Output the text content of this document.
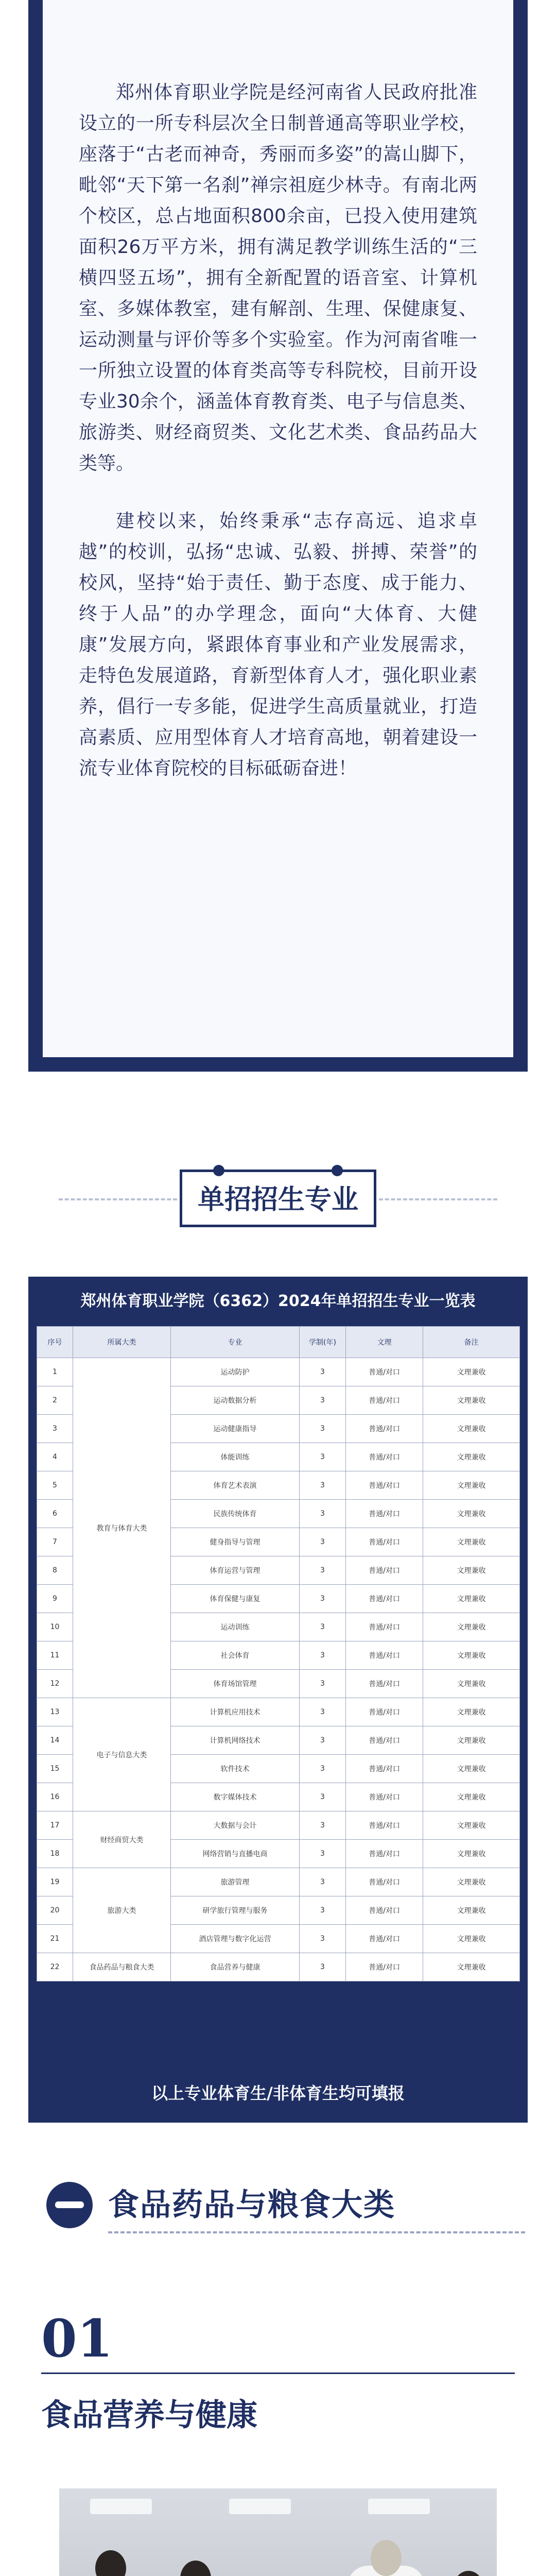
郑州体育职业学院是经河南省人民政府批准设立的一所专科层次全日制普通高等职业学校，座落于“古老而神奇，秀丽而多姿”的嵩山脚下，毗邻“天下第一名刹”禅宗祖庭少林寺。有南北两个校区，总占地面积800余亩，已投入使用建筑面积26万平方米，拥有满足教学训练生活的“三横四竖五场”，拥有全新配置的语音室、计算机室、多媒体教室，建有解剖、生理、保健康复、运动测量与评价等多个实验室。作为河南省唯一一所独立设置的体育类高等专科院校，目前开设专业30余个，涵盖体育教育类、电子与信息类、旅游类、财经商贸类、文化艺术类、食品药品大类等。

建校以来，始终秉承“志存高远、追求卓越”的校训，弘扬“忠诚、弘毅、拼搏、荣誉”的校风，坚持“始于责任、勤于态度、成于能力、终于人品”的办学理念，面向“大体育、大健康”发展方向，紧跟体育事业和产业发展需求，走特色发展道路，育新型体育人才，强化职业素养，倡行一专多能，促进学生高质量就业，打造高素质、应用型体育人才培育高地，朝着建设一流专业体育院校的目标砥砺奋进！

单招招生专业
郑州体育职业学院（6362）2024年单招招生专业一览表
序号	所属大类	专业	学制(年)	文理	备注
1	教育与体育大类	运动防护	3	普通/对口	文理兼收
2		运动数据分析	3	普通/对口	文理兼收
3		运动健康指导	3	普通/对口	文理兼收
4		体能训练	3	普通/对口	文理兼收
5		体育艺术表演	3	普通/对口	文理兼收
6		民族传统体育	3	普通/对口	文理兼收
7		健身指导与管理	3	普通/对口	文理兼收
8		体育运营与管理	3	普通/对口	文理兼收
9		体育保健与康复	3	普通/对口	文理兼收
10		运动训练	3	普通/对口	文理兼收
11		社会体育	3	普通/对口	文理兼收
12		体育场馆管理	3	普通/对口	文理兼收
13	电子与信息大类	计算机应用技术	3	普通/对口	文理兼收
14		计算机网络技术	3	普通/对口	文理兼收
15		软件技术	3	普通/对口	文理兼收
16		数字媒体技术	3	普通/对口	文理兼收
17	财经商贸大类	大数据与会计	3	普通/对口	文理兼收
18		网络营销与直播电商	3	普通/对口	文理兼收
19	旅游大类	旅游管理	3	普通/对口	文理兼收
20		研学旅行管理与服务	3	普通/对口	文理兼收
21		酒店管理与数字化运营	3	普通/对口	文理兼收
22	食品药品与粮食大类	食品营养与健康	3	普通/对口	文理兼收
以上专业体育生/非体育生均可填报
食品药品与粮食大类
01
食品营养与健康
